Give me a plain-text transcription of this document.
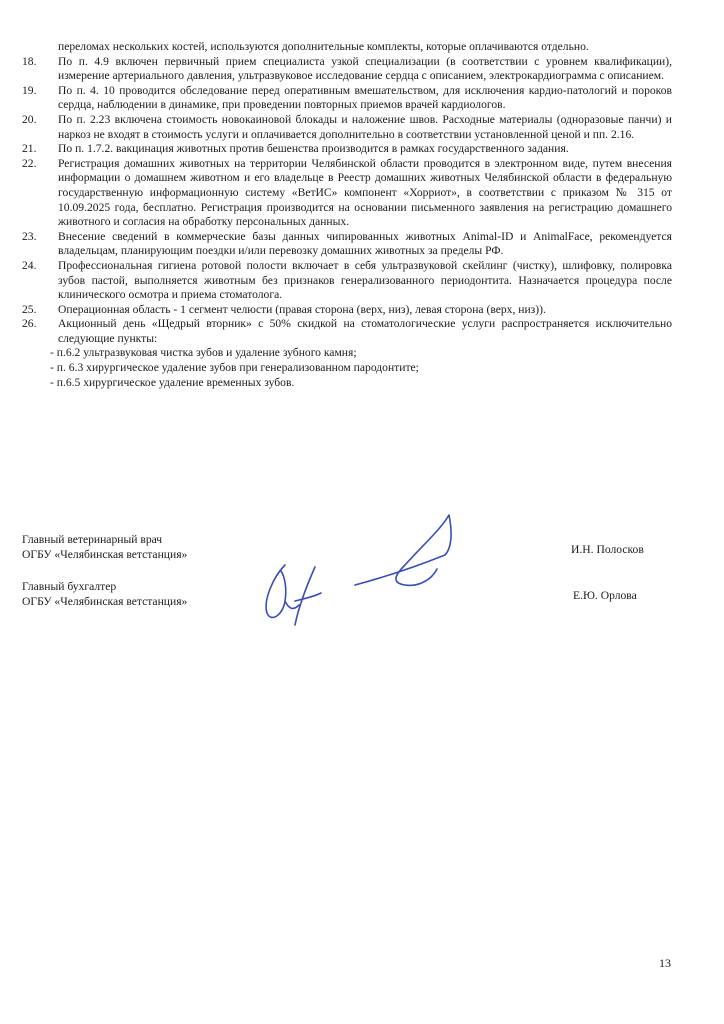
переломах нескольких костей, используются дополнительные комплекты, которые оплачиваются отдельно.
18.	По п. 4.9 включен первичный прием специалиста узкой специализации (в соответствии с уровнем квалификации), измерение артериального давления, ультразвуковое исследование сердца с описанием, электрокардиограмма с описанием.
19.	По п. 4. 10 проводится обследование перед оперативным вмешательством, для исключения кардио-патологий и пороков сердца, наблюдении в динамике, при проведении повторных приемов врачей кардиологов.
20.	По п. 2.23 включена стоимость новокаиновой блокады и наложение швов. Расходные материалы (одноразовые панчи) и наркоз не входят в стоимость услуги и оплачивается дополнительно в соответствии установленной ценой и пп. 2.16.
21.	По п. 1.7.2. вакцинация животных против бешенства производится в рамках государственного задания.
22.	Регистрация домашних животных на территории Челябинской области проводится в электронном виде, путем внесения информации о домашнем животном и его владельце в Реестр домашних животных Челябинской области в федеральную государственную информационную систему «ВетИС» компонент «Хорриот», в соответствии с приказом № 315 от 10.09.2025 года, бесплатно. Регистрация производится на основании письменного заявления на регистрацию домашнего животного и согласия на обработку персональных данных.
23.	Внесение сведений в коммерческие базы данных чипированных животных Animal-ID и AnimalFace, рекомендуется владельцам, планирующим поездки и/или перевозку домашних животных за пределы РФ.
24.	Профессиональная гигиена ротовой полости включает в себя ультразвуковой скейлинг (чистку), шлифовку, полировка зубов пастой, выполняется животным без признаков генерализованного периодонтита. Назначается процедура после клинического осмотра и приема стоматолога.
25.	Операционная область - 1 сегмент челюсти (правая сторона (верх, низ), левая сторона (верх, низ)).
26.	Акционный день «Щедрый вторник» с 50% скидкой на стоматологические услуги распространяется исключительно следующие пункты:
- п.6.2 ультразвуковая чистка зубов и удаление зубного камня;
- п. 6.3 хирургическое удаление зубов при генерализованном пародонтите;
- п.6.5 хирургическое удаление временных зубов.
Главный ветеринарный врач
ОГБУ «Челябинская ветстанция»
Главный бухгалтер
ОГБУ «Челябинская ветстанция»
И.Н. Полосков
Е.Ю. Орлова
13
